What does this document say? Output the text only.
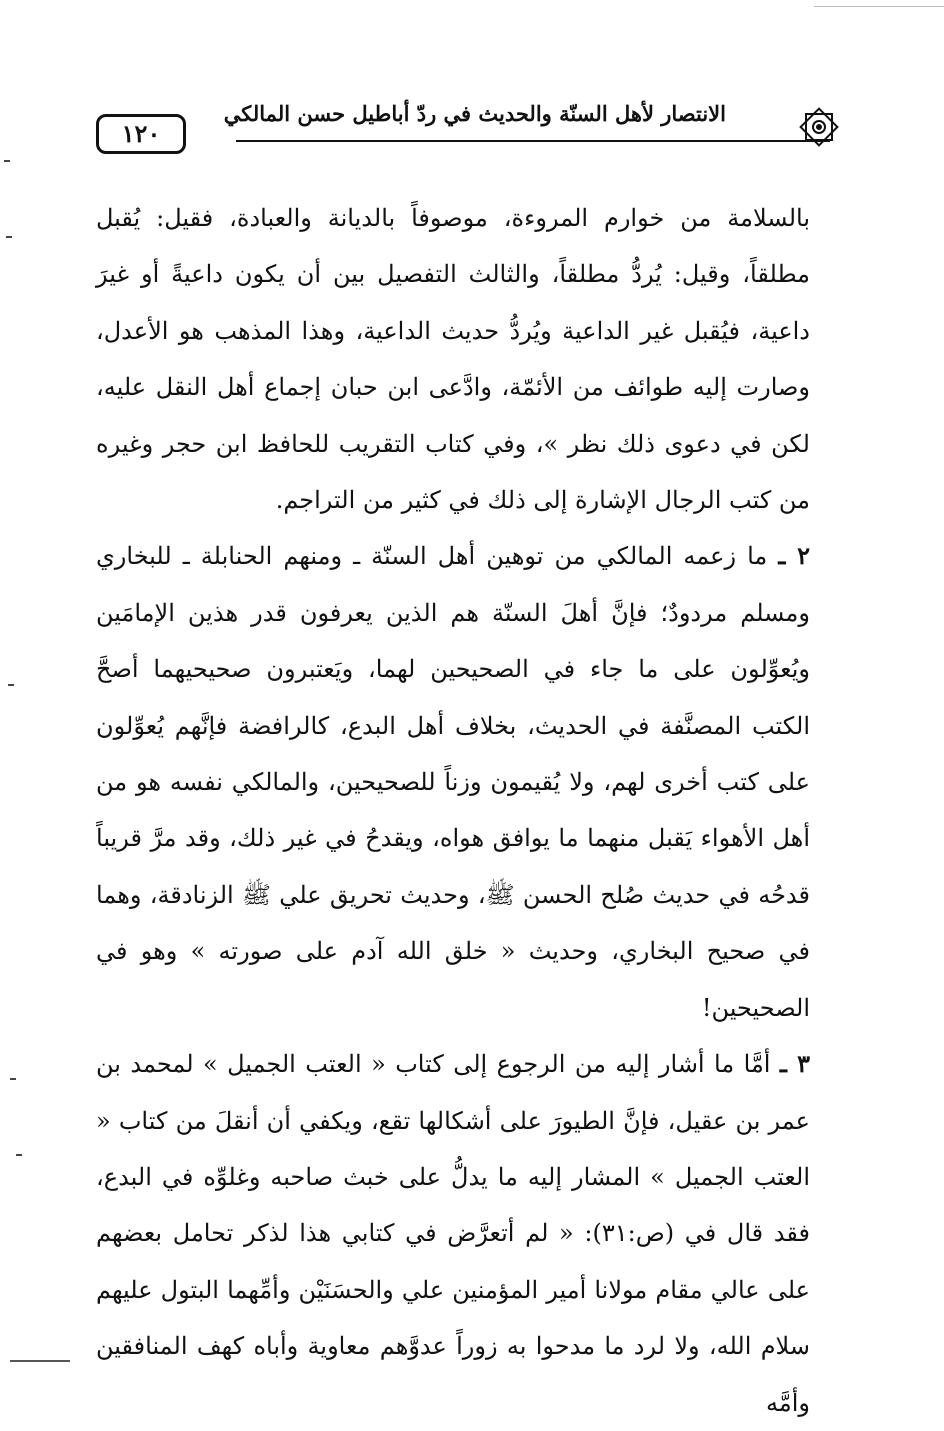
١٢٠
الانتصار لأهل السنّة والحديث في ردّ أباطيل حسن المالكي

بالسلامة من خوارم المروءة، موصوفاً بالديانة والعبادة، فقيل: يُقبل مطلقاً، وقيل: يُردُّ مطلقاً، والثالث التفصيل بين أن يكون داعيةً أو غيرَ داعية، فيُقبل غير الداعية ويُردُّ حديث الداعية، وهذا المذهب هو الأعدل، وصارت إليه طوائف من الأئمّة، وادَّعى ابن حبان إجماع أهل النقل عليه، لكن في دعوى ذلك نظر »، وفي كتاب التقريب للحافظ ابن حجر وغيره من كتب الرجال الإشارة إلى ذلك في كثير من التراجم.

٢ ـ ما زعمه المالكي من توهين أهل السنّة ـ ومنهم الحنابلة ـ للبخاري ومسلم مردودٌ؛ فإنَّ أهلَ السنّة هم الذين يعرفون قدر هذين الإمامَين ويُعوِّلون على ما جاء في الصحيحين لهما، ويَعتبرون صحيحيهما أصحَّ الكتب المصنَّفة في الحديث، بخلاف أهل البدع، كالرافضة فإنَّهم يُعوِّلون على كتب أخرى لهم، ولا يُقيمون وزناً للصحيحين، والمالكي نفسه هو من أهل الأهواء يَقبل منهما ما يوافق هواه، ويقدحُ في غير ذلك، وقد مرَّ قريباً قدحُه في حديث صُلح الحسن ﷺ، وحديث تحريق علي ﷺ الزنادقة، وهما في صحيح البخاري، وحديث « خلق الله آدم على صورته » وهو في الصحيحين!

٣ ـ أمَّا ما أشار إليه من الرجوع إلى كتاب « العتب الجميل » لمحمد بن عمر بن عقيل، فإنَّ الطيورَ على أشكالها تقع، ويكفي أن أنقلَ من كتاب « العتب الجميل » المشار إليه ما يدلُّ على خبث صاحبه وغلوِّه في البدع، فقد قال في (ص:٣١): « لم أتعرَّض في كتابي هذا لذكر تحامل بعضهم على عالي مقام مولانا أمير المؤمنين علي والحسَنَيْن وأمِّهما البتول عليهم سلام الله، ولا لرد ما مدحوا به زوراً عدوَّهم معاوية وأباه كهف المنافقين وأمَّه
